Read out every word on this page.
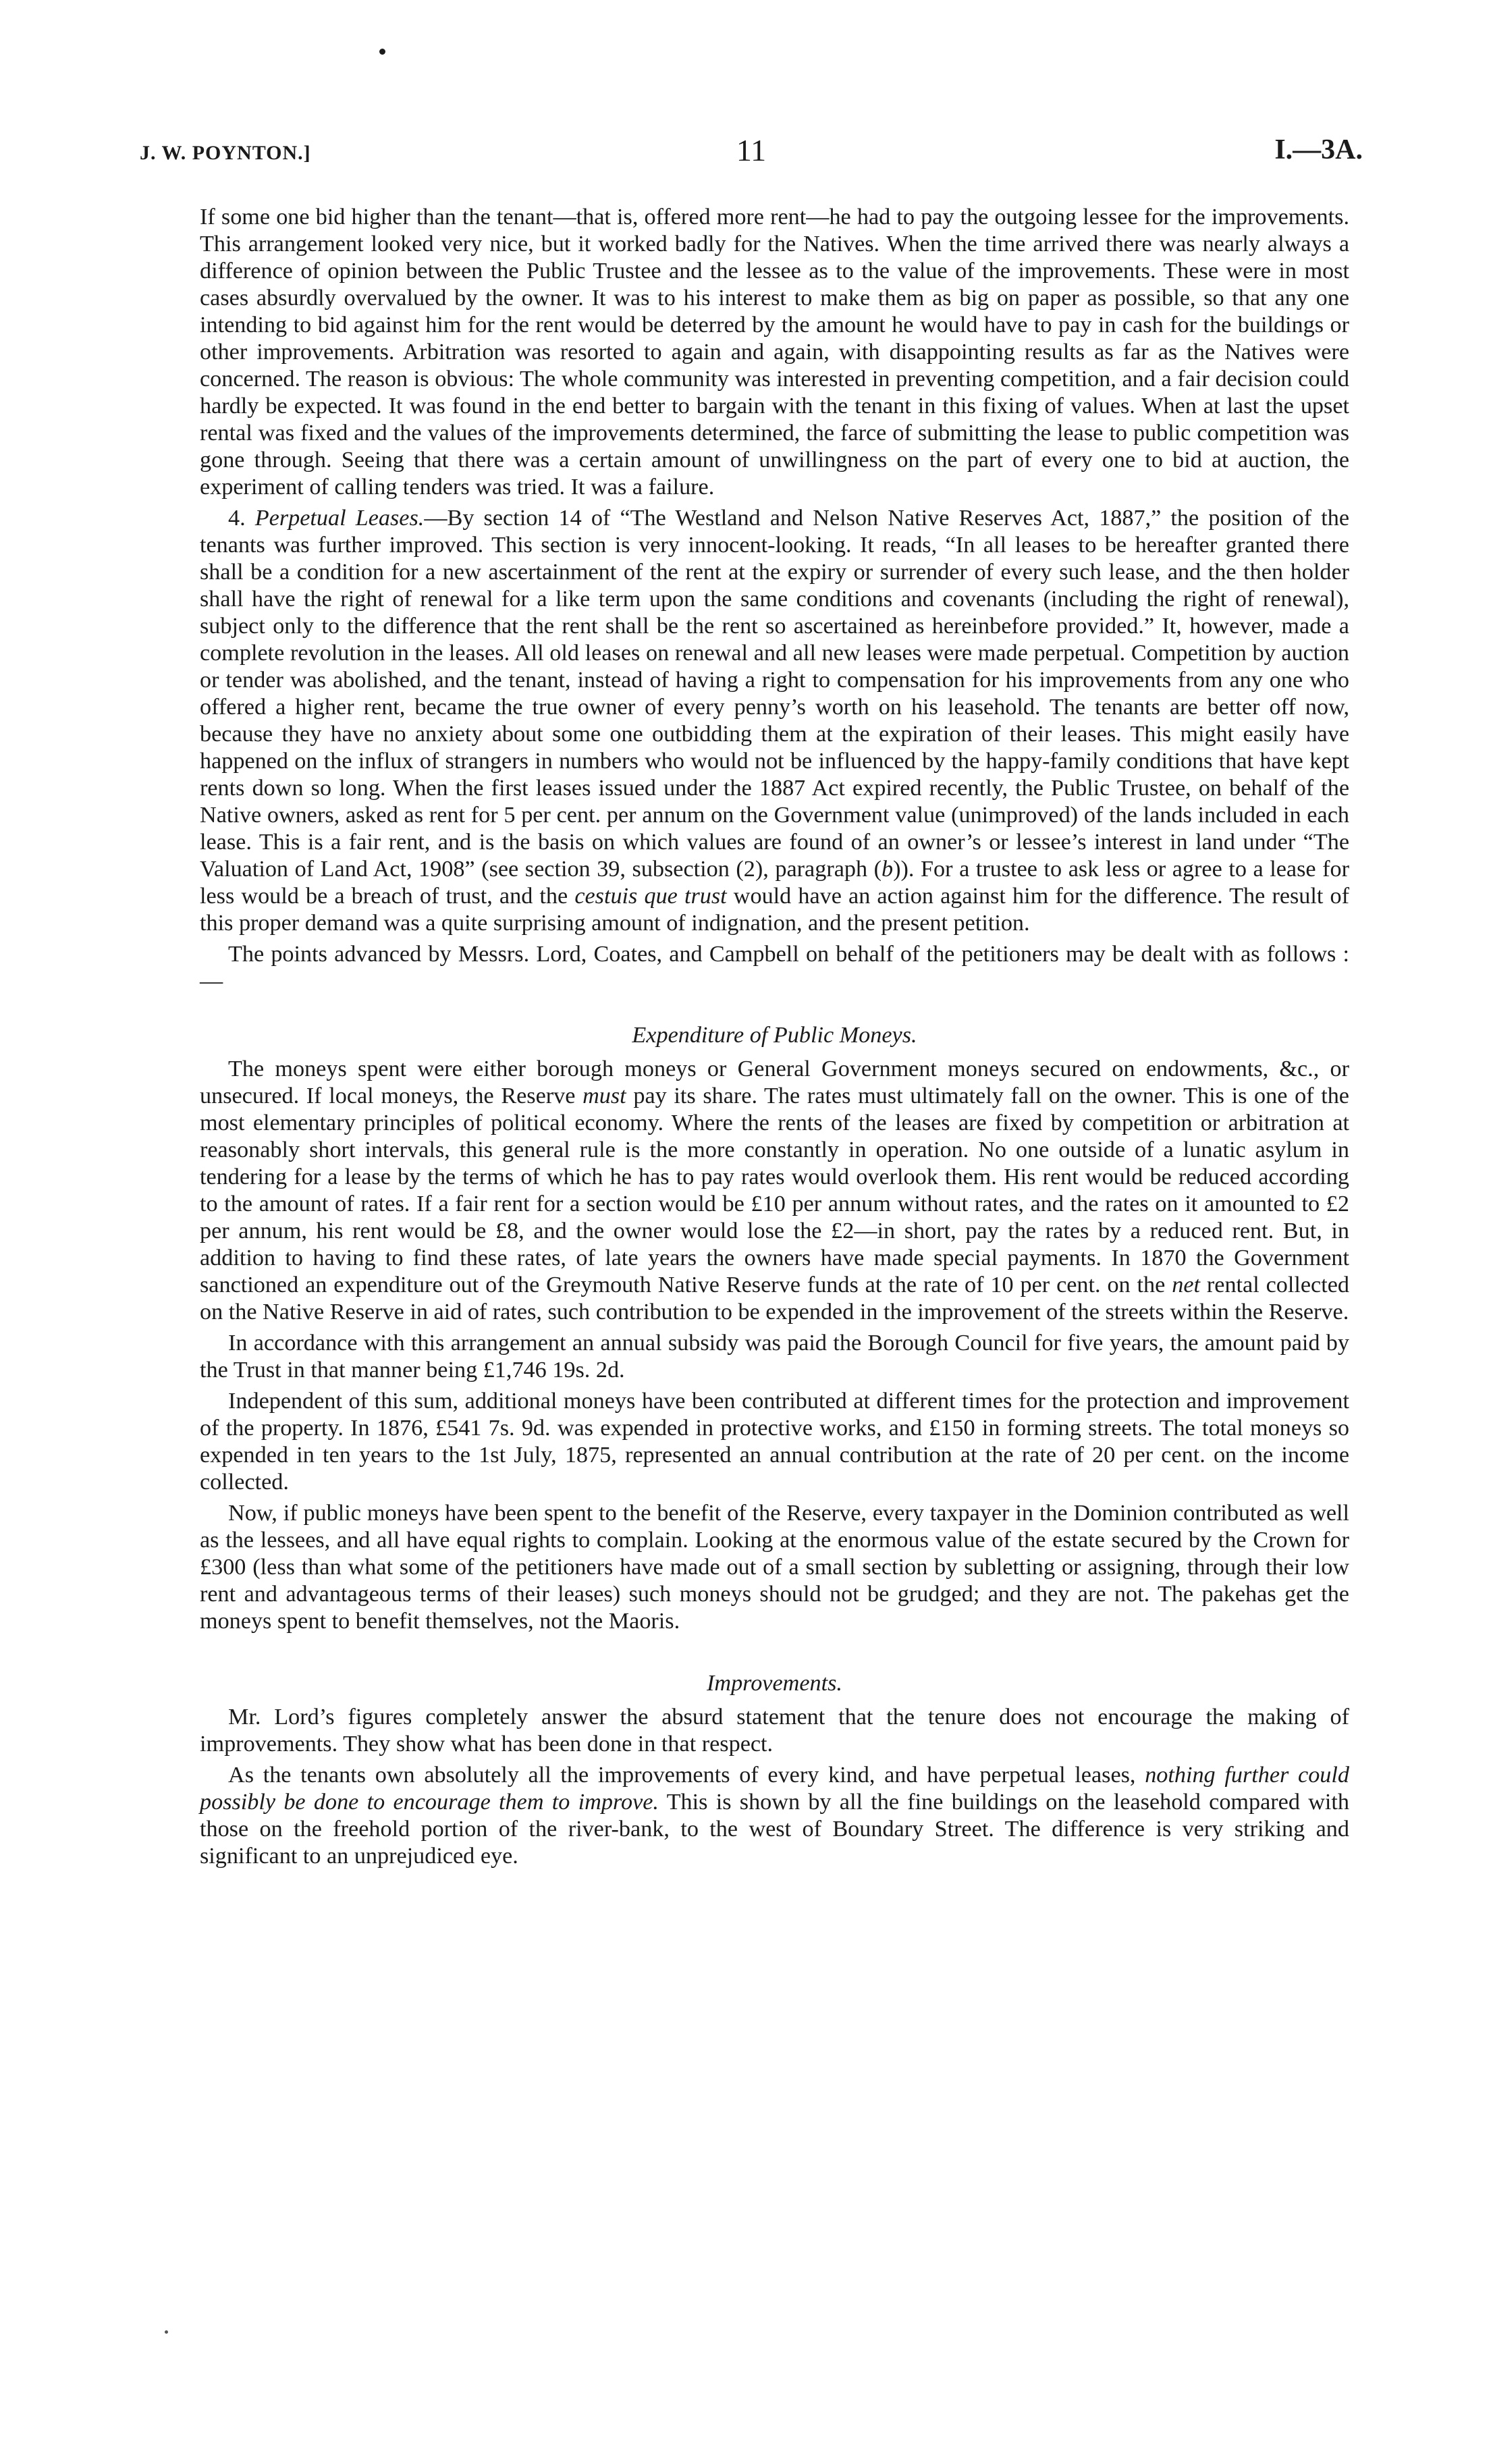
J. W. POYNTON.]	11	I.—3A.

If some one bid higher than the tenant—that is, offered more rent—he had to pay the outgoing lessee for the improvements. This arrangement looked very nice, but it worked badly for the Natives. When the time arrived there was nearly always a difference of opinion between the Public Trustee and the lessee as to the value of the improvements. These were in most cases absurdly overvalued by the owner. It was to his interest to make them as big on paper as possible, so that any one intending to bid against him for the rent would be deterred by the amount he would have to pay in cash for the buildings or other improvements. Arbitration was resorted to again and again, with disappointing results as far as the Natives were concerned. The reason is obvious: The whole community was interested in preventing competition, and a fair decision could hardly be expected. It was found in the end better to bargain with the tenant in this fixing of values. When at last the upset rental was fixed and the values of the improvements determined, the farce of submitting the lease to public competition was gone through. Seeing that there was a certain amount of unwillingness on the part of every one to bid at auction, the experiment of calling tenders was tried. It was a failure.

4. Perpetual Leases.—By section 14 of “The Westland and Nelson Native Reserves Act, 1887,” the position of the tenants was further improved. This section is very innocent-looking. It reads, “In all leases to be hereafter granted there shall be a condition for a new ascertainment of the rent at the expiry or surrender of every such lease, and the then holder shall have the right of renewal for a like term upon the same conditions and covenants (including the right of renewal), subject only to the difference that the rent shall be the rent so ascertained as hereinbefore provided.” It, however, made a complete revolution in the leases. All old leases on renewal and all new leases were made perpetual. Competition by auction or tender was abolished, and the tenant, instead of having a right to compensation for his improvements from any one who offered a higher rent, became the true owner of every penny’s worth on his leasehold. The tenants are better off now, because they have no anxiety about some one outbidding them at the expiration of their leases. This might easily have happened on the influx of strangers in numbers who would not be influenced by the happy-family conditions that have kept rents down so long. When the first leases issued under the 1887 Act expired recently, the Public Trustee, on behalf of the Native owners, asked as rent for 5 per cent. per annum on the Government value (unimproved) of the lands included in each lease. This is a fair rent, and is the basis on which values are found of an owner’s or lessee’s interest in land under “The Valuation of Land Act, 1908” (see section 39, subsection (2), paragraph (b)). For a trustee to ask less or agree to a lease for less would be a breach of trust, and the cestuis que trust would have an action against him for the difference. The result of this proper demand was a quite surprising amount of indignation, and the present petition.

The points advanced by Messrs. Lord, Coates, and Campbell on behalf of the petitioners may be dealt with as follows :—

Expenditure of Public Moneys.

The moneys spent were either borough moneys or General Government moneys secured on endowments, &c., or unsecured. If local moneys, the Reserve must pay its share. The rates must ultimately fall on the owner. This is one of the most elementary principles of political economy. Where the rents of the leases are fixed by competition or arbitration at reasonably short intervals, this general rule is the more constantly in operation. No one outside of a lunatic asylum in tendering for a lease by the terms of which he has to pay rates would overlook them. His rent would be reduced according to the amount of rates. If a fair rent for a section would be £10 per annum without rates, and the rates on it amounted to £2 per annum, his rent would be £8, and the owner would lose the £2—in short, pay the rates by a reduced rent. But, in addition to having to find these rates, of late years the owners have made special payments. In 1870 the Government sanctioned an expenditure out of the Greymouth Native Reserve funds at the rate of 10 per cent. on the net rental collected on the Native Reserve in aid of rates, such contribution to be expended in the improvement of the streets within the Reserve.

In accordance with this arrangement an annual subsidy was paid the Borough Council for five years, the amount paid by the Trust in that manner being £1,746 19s. 2d.

Independent of this sum, additional moneys have been contributed at different times for the protection and improvement of the property. In 1876, £541 7s. 9d. was expended in protective works, and £150 in forming streets. The total moneys so expended in ten years to the 1st July, 1875, represented an annual contribution at the rate of 20 per cent. on the income collected.

Now, if public moneys have been spent to the benefit of the Reserve, every taxpayer in the Dominion contributed as well as the lessees, and all have equal rights to complain. Looking at the enormous value of the estate secured by the Crown for £300 (less than what some of the petitioners have made out of a small section by subletting or assigning, through their low rent and advantageous terms of their leases) such moneys should not be grudged; and they are not. The pakehas get the moneys spent to benefit themselves, not the Maoris.

Improvements.

Mr. Lord’s figures completely answer the absurd statement that the tenure does not encourage the making of improvements. They show what has been done in that respect.

As the tenants own absolutely all the improvements of every kind, and have perpetual leases, nothing further could possibly be done to encourage them to improve. This is shown by all the fine buildings on the leasehold compared with those on the freehold portion of the river-bank, to the west of Boundary Street. The difference is very striking and significant to an unprejudiced eye.
